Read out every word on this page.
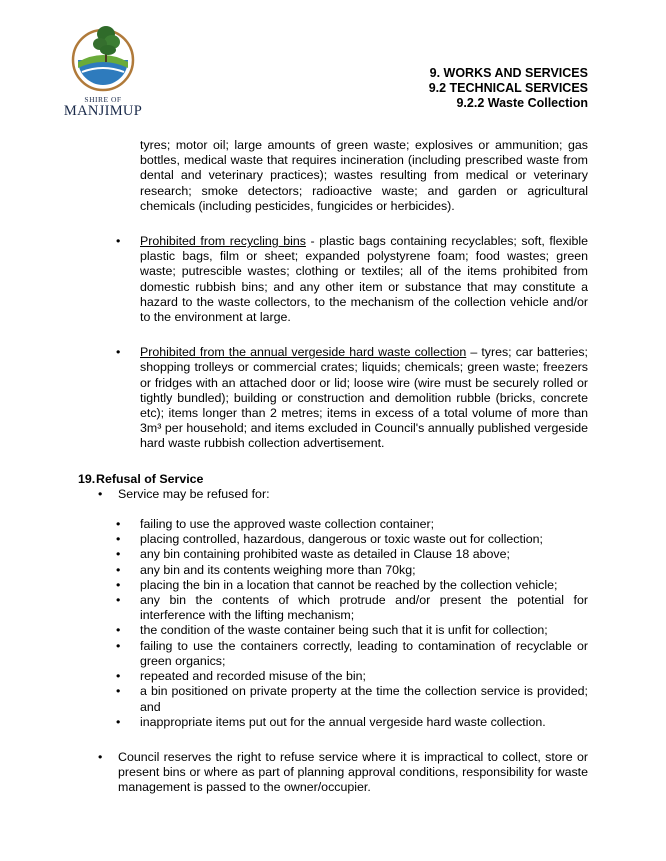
SHIRE OF
MANJIMUP
9. WORKS AND SERVICES
9.2 TECHNICAL SERVICES
9.2.2 Waste Collection
tyres; motor oil; large amounts of green waste; explosives or ammunition; gas bottles, medical waste that requires incineration (including prescribed waste from dental and veterinary practices); wastes resulting from medical or veterinary research; smoke detectors; radioactive waste; and garden or agricultural chemicals (including pesticides, fungicides or herbicides).
• Prohibited from recycling bins - plastic bags containing recyclables; soft, flexible plastic bags, film or sheet; expanded polystyrene foam; food wastes; green waste; putrescible wastes; clothing or textiles; all of the items prohibited from domestic rubbish bins; and any other item or substance that may constitute a hazard to the waste collectors, to the mechanism of the collection vehicle and/or to the environment at large.
• Prohibited from the annual vergeside hard waste collection – tyres; car batteries; shopping trolleys or commercial crates; liquids; chemicals; green waste; freezers or fridges with an attached door or lid; loose wire (wire must be securely rolled or tightly bundled); building or construction and demolition rubble (bricks, concrete etc); items longer than 2 metres; items in excess of a total volume of more than 3m³ per household; and items excluded in Council's annually published vergeside hard waste rubbish collection advertisement.
19. Refusal of Service
• Service may be refused for:
• failing to use the approved waste collection container;
• placing controlled, hazardous, dangerous or toxic waste out for collection;
• any bin containing prohibited waste as detailed in Clause 18 above;
• any bin and its contents weighing more than 70kg;
• placing the bin in a location that cannot be reached by the collection vehicle;
• any bin the contents of which protrude and/or present the potential for interference with the lifting mechanism;
• the condition of the waste container being such that it is unfit for collection;
• failing to use the containers correctly, leading to contamination of recyclable or green organics;
• repeated and recorded misuse of the bin;
• a bin positioned on private property at the time the collection service is provided; and
• inappropriate items put out for the annual vergeside hard waste collection.
• Council reserves the right to refuse service where it is impractical to collect, store or present bins or where as part of planning approval conditions, responsibility for waste management is passed to the owner/occupier.
